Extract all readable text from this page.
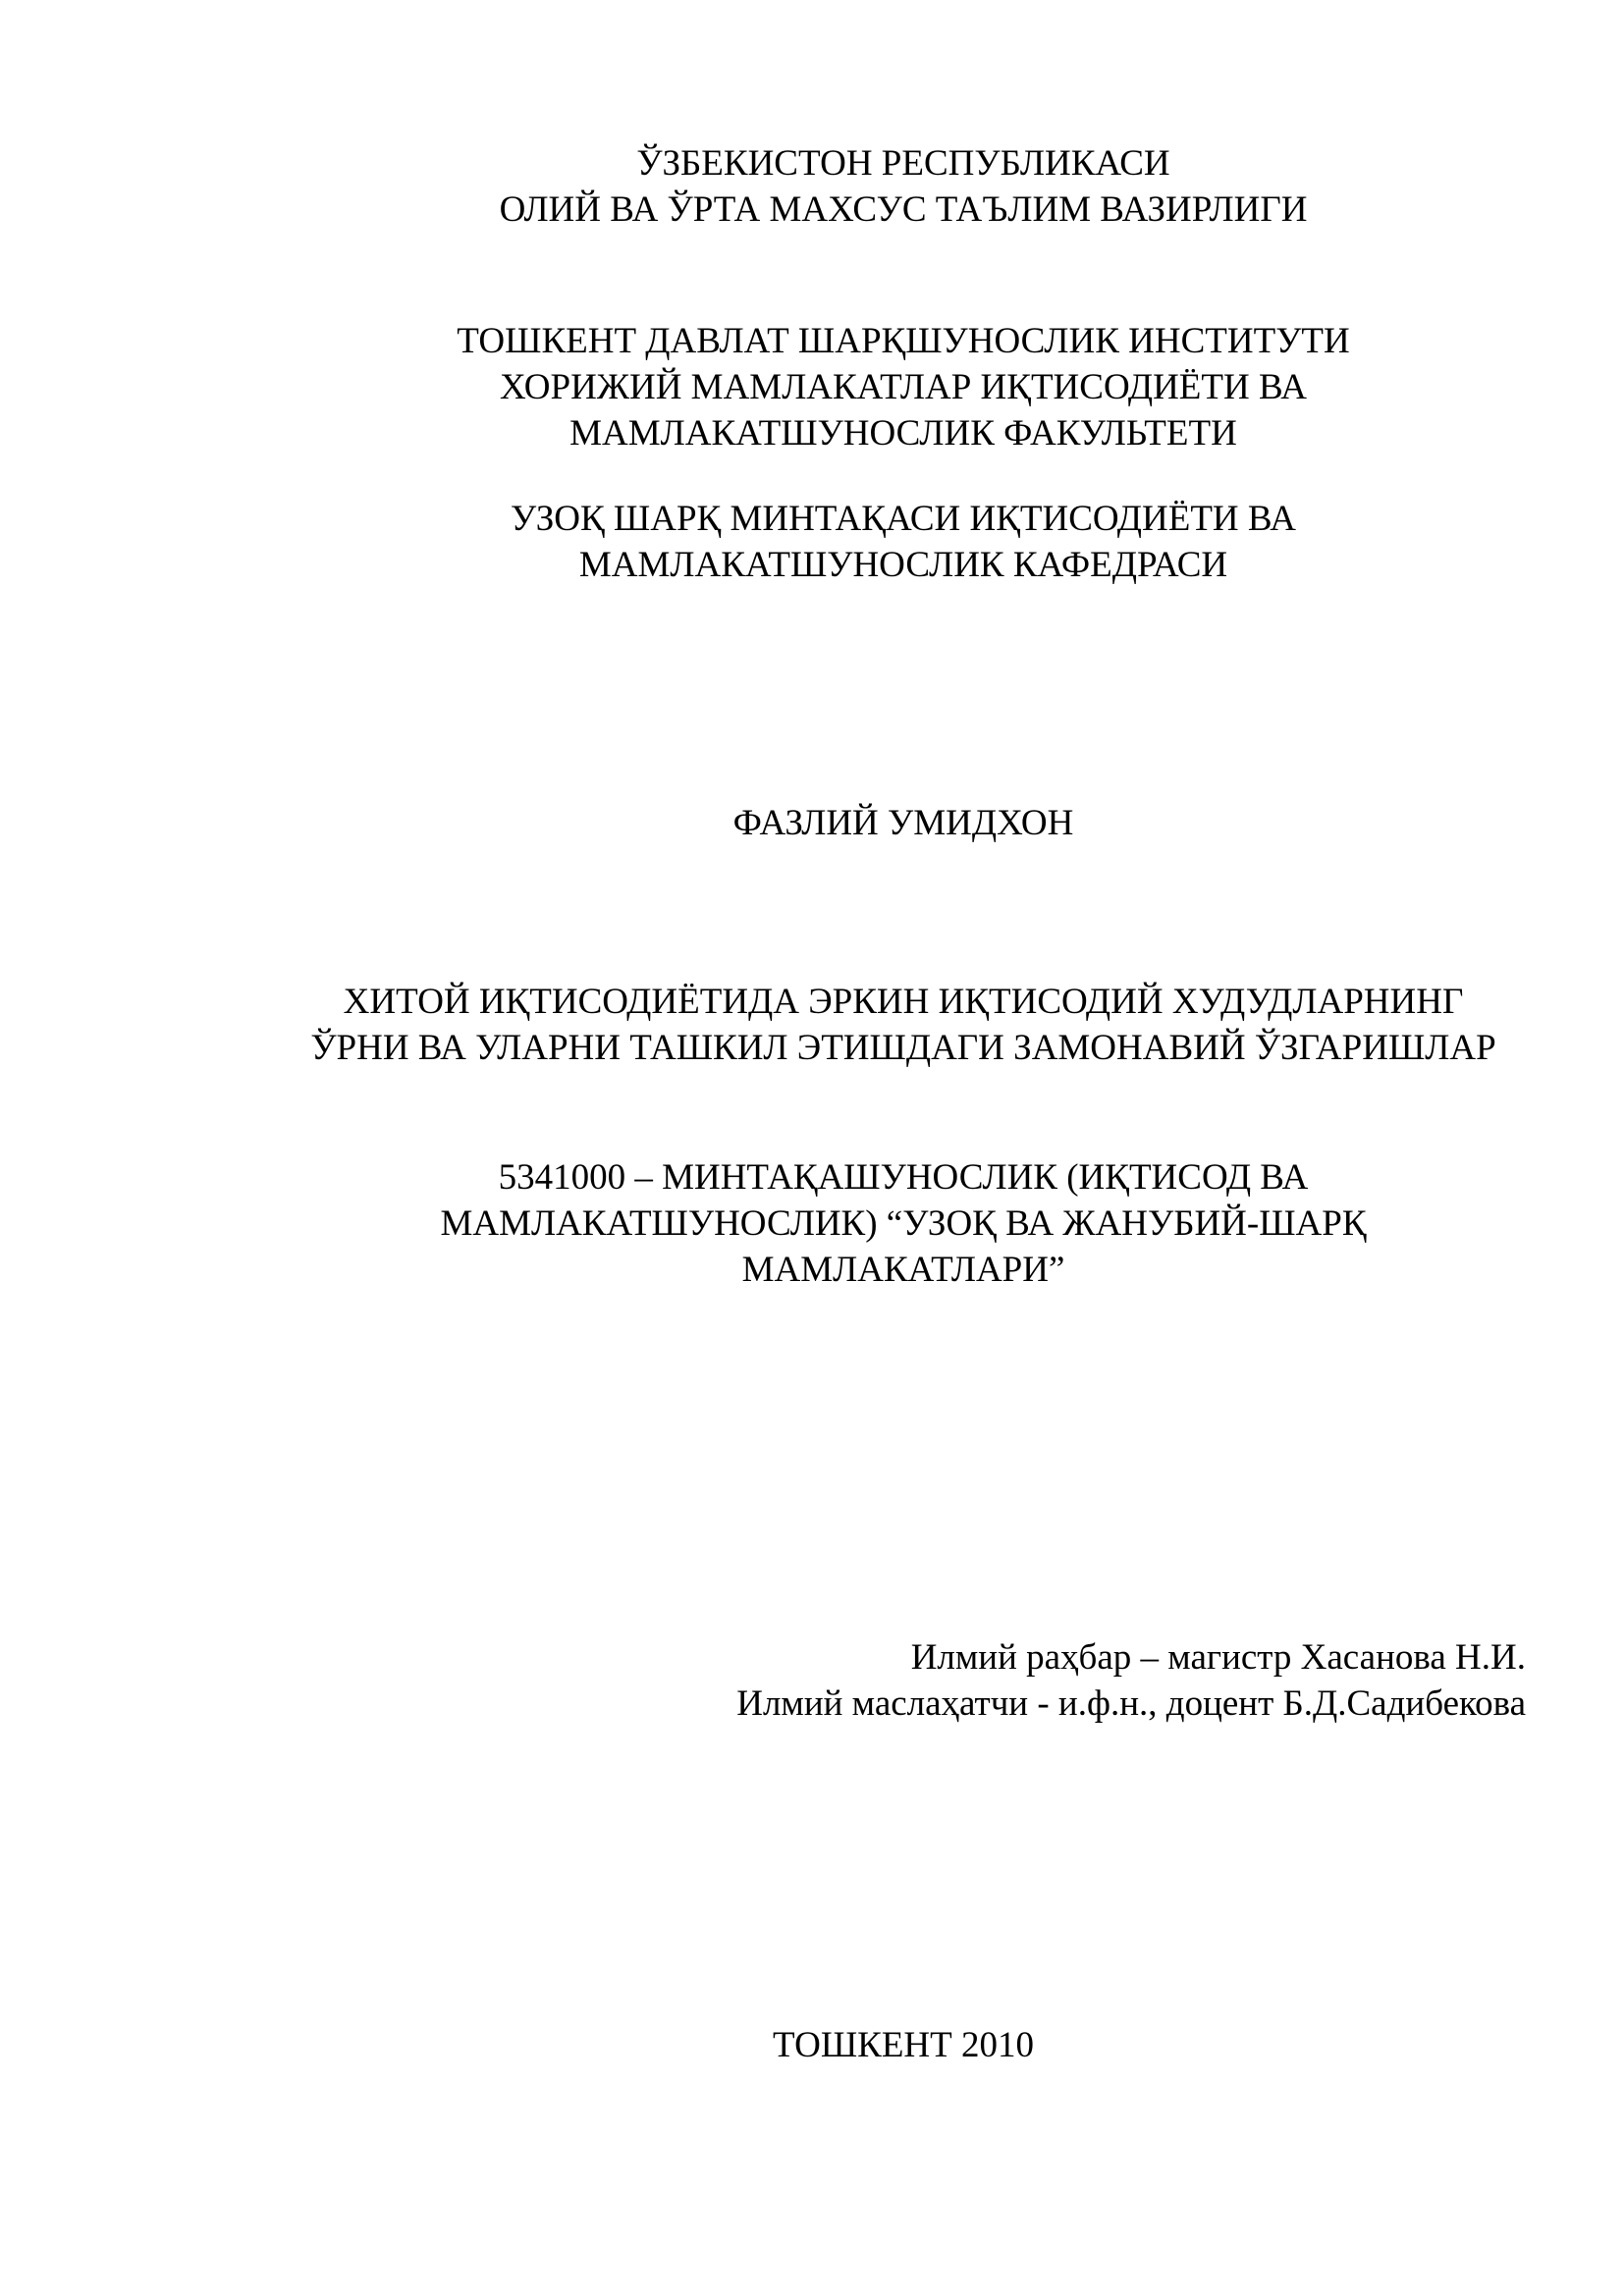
ЎЗБЕКИСТОН РЕСПУБЛИКАСИ
ОЛИЙ ВА ЎРТА МАХСУС ТАЪЛИМ ВАЗИРЛИГИ
ТОШКЕНТ ДАВЛАТ ШАРҚШУНОСЛИК ИНСТИТУТИ
ХОРИЖИЙ МАМЛАКАТЛАР ИҚТИСОДИЁТИ ВА
МАМЛАКАТШУНОСЛИК ФАКУЛЬТЕТИ
УЗОҚ ШАРҚ МИНТАҚАСИ ИҚТИСОДИЁТИ ВА
МАМЛАКАТШУНОСЛИК КАФЕДРАСИ
ФАЗЛИЙ УМИДХОН
ХИТОЙ ИҚТИСОДИЁТИДА ЭРКИН ИҚТИСОДИЙ ХУДУДЛАРНИНГ
ЎРНИ ВА УЛАРНИ ТАШКИЛ ЭТИШДАГИ ЗАМОНАВИЙ ЎЗГАРИШЛАР
5341000 – МИНТАҚАШУНОСЛИК (ИҚТИСОД ВА
МАМЛАКАТШУНОСЛИК) “УЗОҚ ВА ЖАНУБИЙ-ШАРҚ
МАМЛАКАТЛАРИ”
Илмий раҳбар – магистр Хасанова Н.И.
Илмий маслаҳатчи - и.ф.н., доцент Б.Д.Садибекова
ТОШКЕНТ 2010
